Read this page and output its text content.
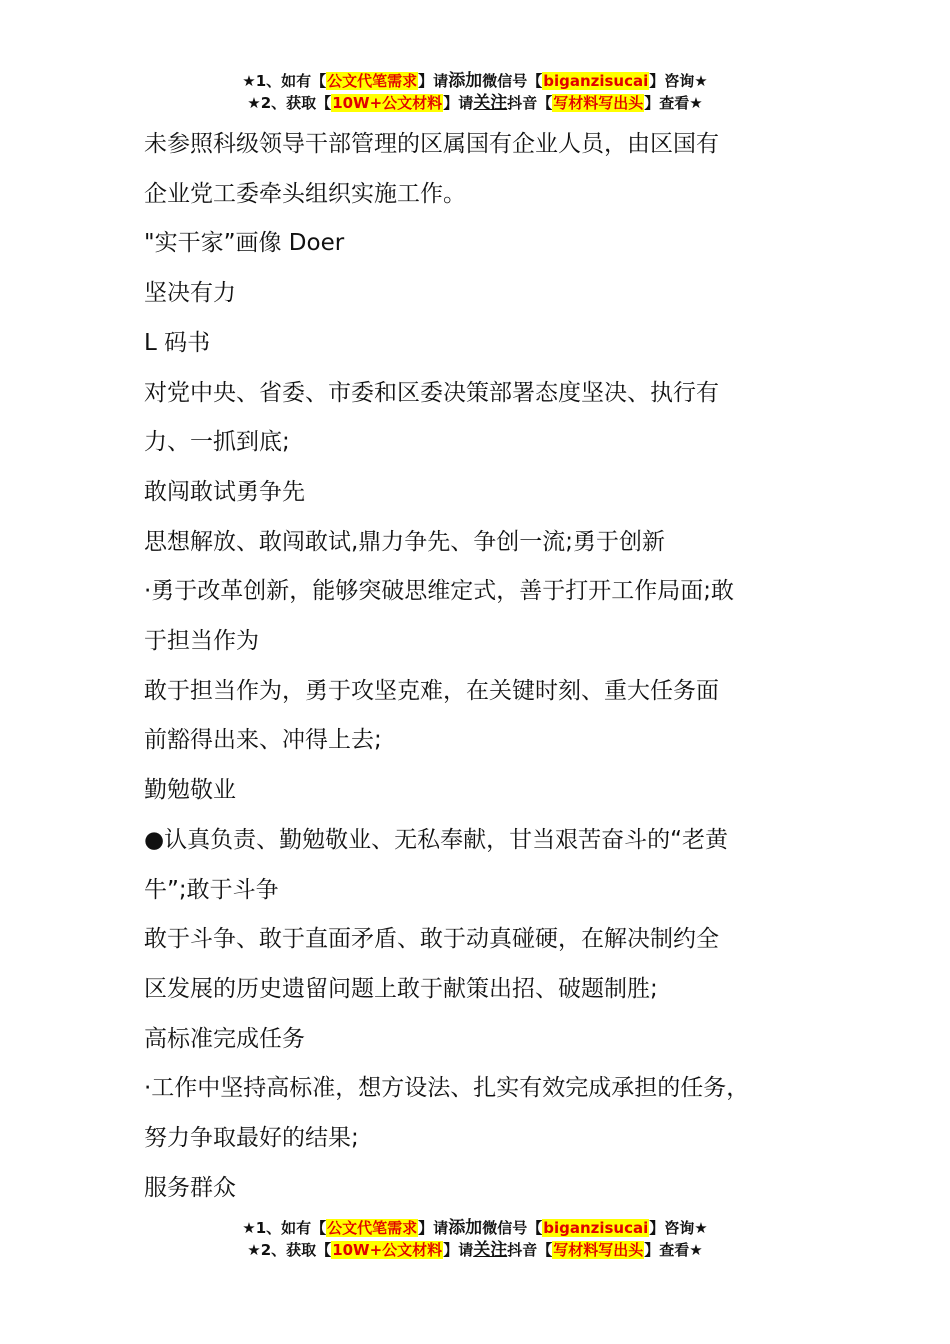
★1、如有【公文代笔需求】请添加微信号【biganzisucai】咨询★
★2、获取【10W+公文材料】请关注抖音【写材料写出头】查看★

未参照科级领导干部管理的区属国有企业人员，由区国有

企业党工委牵头组织实施工作。

"实干家”画像 Doer

坚决有力

L 码书

对党中央、省委、市委和区委决策部署态度坚决、执行有

力、一抓到底;

敢闯敢试勇争先

思想解放、敢闯敢试,鼎力争先、争创一流;勇于创新

·勇于改革创新，能够突破思维定式，善于打开工作局面;敢

于担当作为

敢于担当作为，勇于攻坚克难，在关键时刻、重大任务面

前豁得出来、冲得上去;

勤勉敬业

●认真负责、勤勉敬业、无私奉献，甘当艰苦奋斗的“老黄

牛”;敢于斗争

敢于斗争、敢于直面矛盾、敢于动真碰硬，在解决制约全

区发展的历史遗留问题上敢于献策出招、破题制胜;

高标准完成任务

·工作中坚持高标准，想方设法、扎实有效完成承担的任务，

努力争取最好的结果;

服务群众

★1、如有【公文代笔需求】请添加微信号【biganzisucai】咨询★
★2、获取【10W+公文材料】请关注抖音【写材料写出头】查看★
